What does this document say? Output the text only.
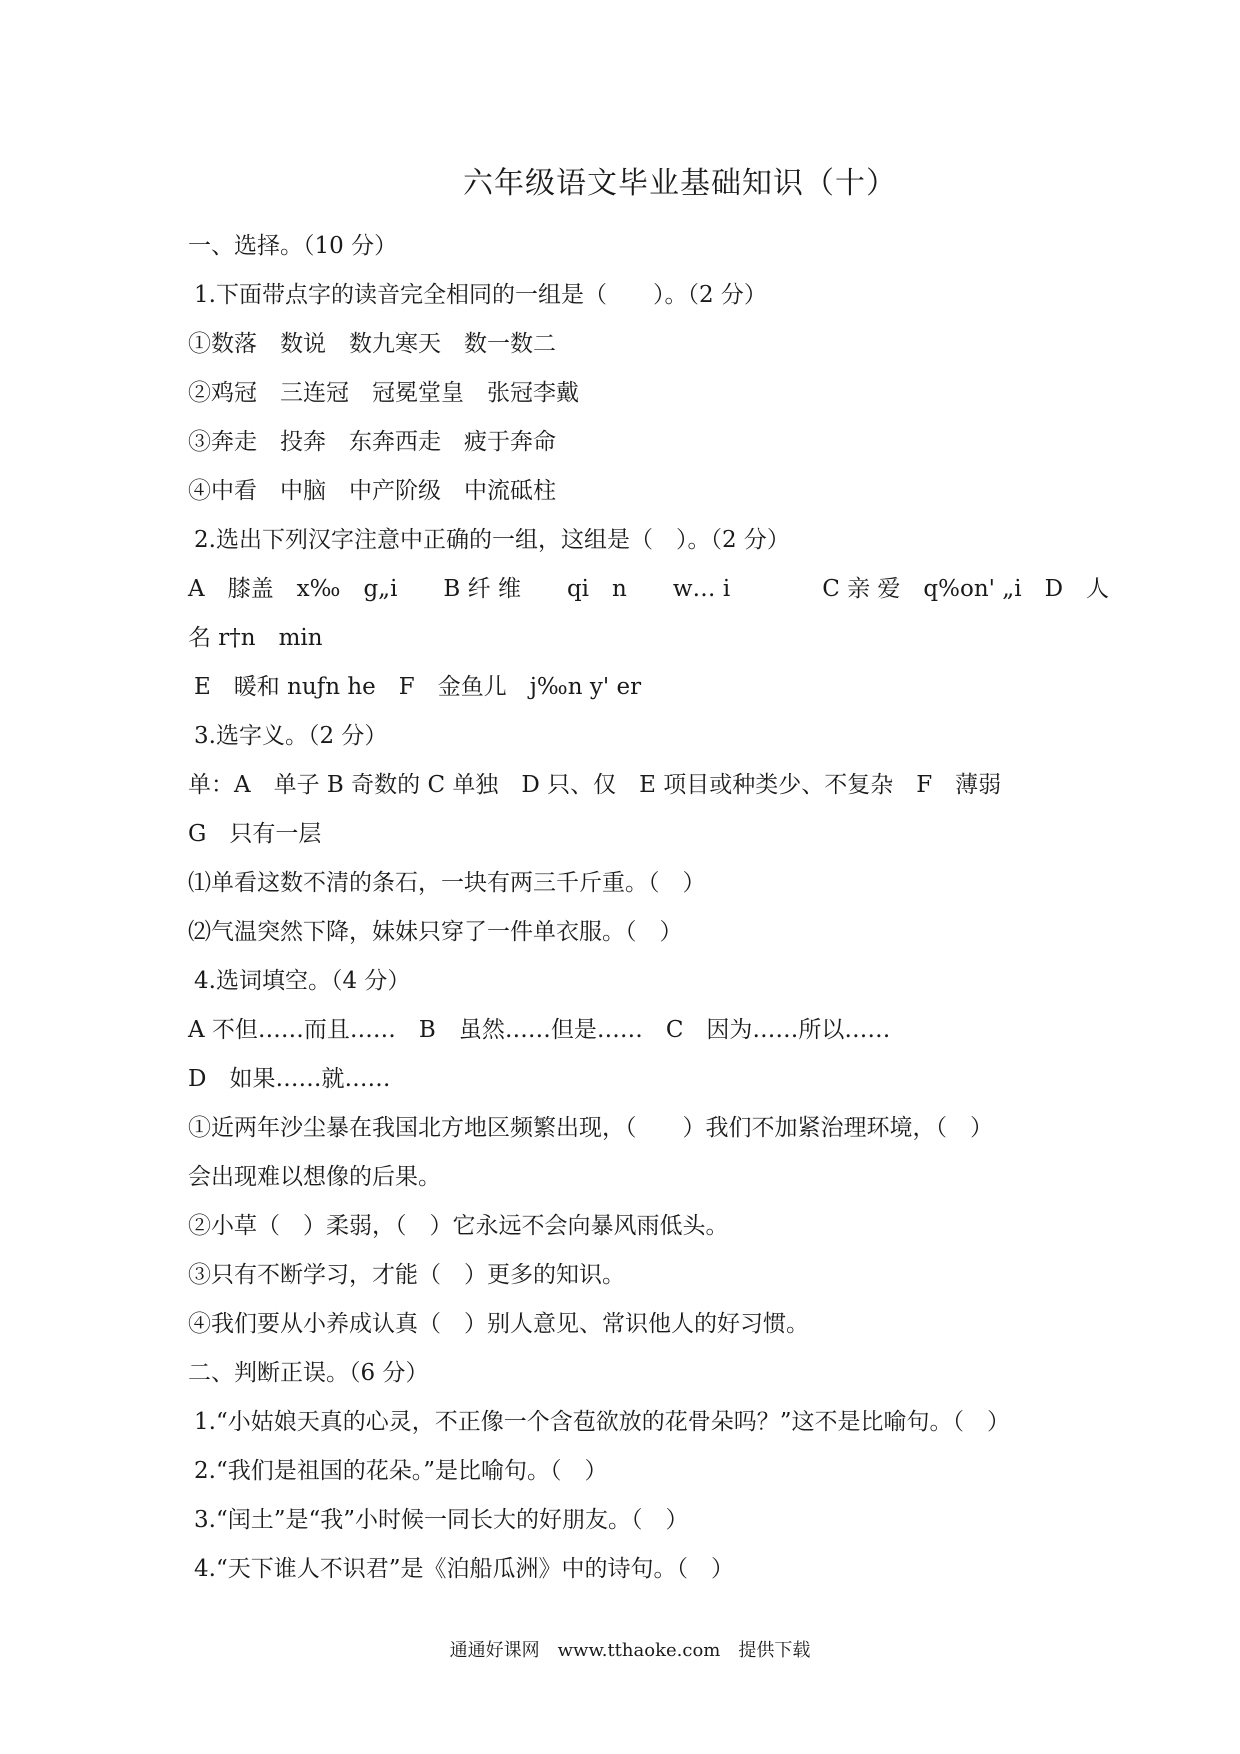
六年级语文毕业基础知识（十）
一、选择。（10 分）
1.下面带点字的读音完全相同的一组是（　　）。（2 分）
①数落　数说　数九寒天　数一数二
②鸡冠　三连冠　冠冕堂皇　张冠李戴
③奔走　投奔　东奔西走　疲于奔命
④中看　中脑　中产阶级　中流砥柱
2.选出下列汉字注意中正确的一组，这组是（　）。（2 分）
A　膝盖　x‰　g„i　　B 纤 维　　qi　n　　w… i　　　　C 亲 爱　q%on' „i　D　人
名 r†n　min
E　暖和 nuƒn he　F　金鱼儿　j‰n y' er
3.选字义。（2 分）
单：A　单子 B 奇数的 C 单独　D 只、仅　E 项目或种类少、不复杂　F　薄弱
G　只有一层
⑴单看这数不清的条石，一块有两三千斤重。（　）
⑵气温突然下降，妹妹只穿了一件单衣服。（　）
4.选词填空。（4 分）
A 不但……而且……　B　虽然……但是……　C　因为……所以……
D　如果……就……
①近两年沙尘暴在我国北方地区频繁出现，（　　）我们不加紧治理环境，（　）
会出现难以想像的后果。
②小草（　）柔弱，（　）它永远不会向暴风雨低头。
③只有不断学习，才能（　）更多的知识。
④我们要从小养成认真（　）别人意见、常识他人的好习惯。
二、判断正误。（6 分）
1.“小姑娘天真的心灵，不正像一个含苞欲放的花骨朵吗？”这不是比喻句。（　）
2.“我们是祖国的花朵。”是比喻句。（　）
3.“闰土”是“我”小时候一同长大的好朋友。（　）
4.“天下谁人不识君”是《泊船瓜洲》中的诗句。（　）
通通好课网　www.tthaoke.com　提供下载
